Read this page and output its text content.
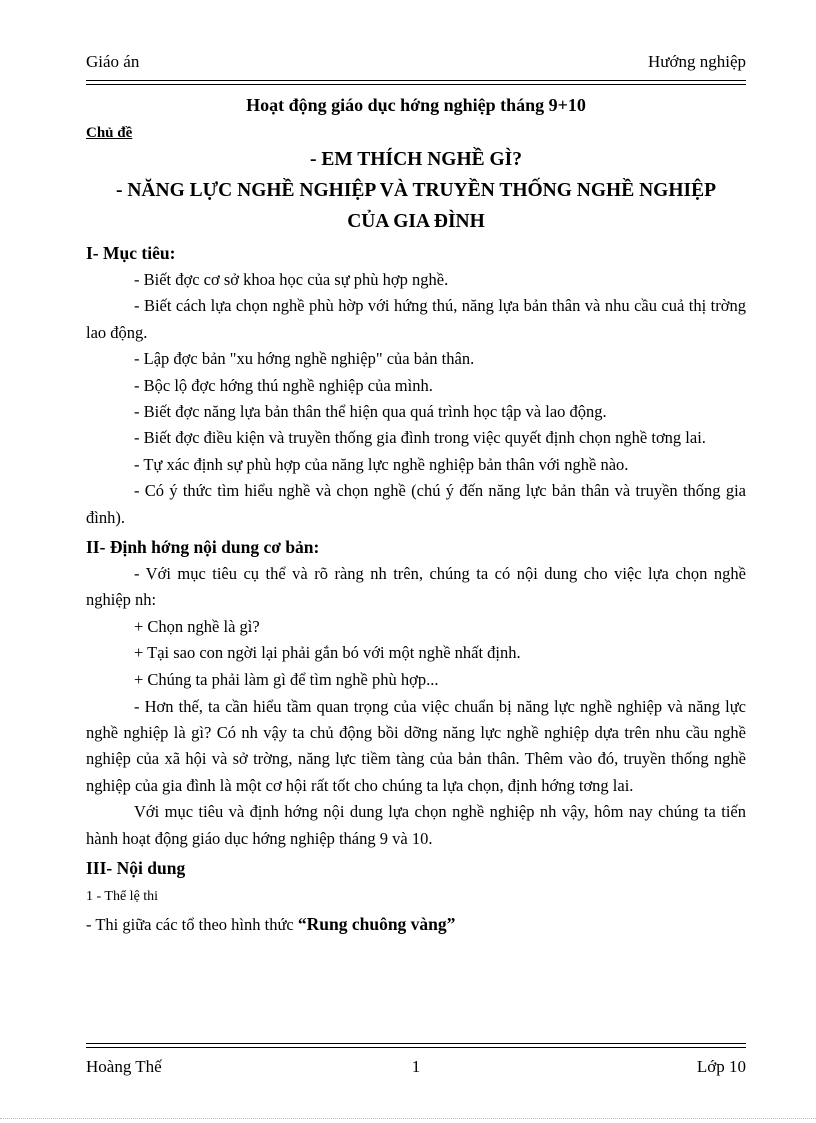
Giáo án	Hướng nghiệp
Hoạt động giáo dục hớng nghiệp tháng 9+10
Chủ đề
- EM THÍCH NGHỀ GÌ?
- NĂNG LỰC NGHỀ NGHIỆP VÀ TRUYỀN THỐNG NGHỀ NGHIỆP
CỦA GIA ĐÌNH
I- Mục tiêu:

- Biết đợc cơ sở khoa học của sự phù hợp nghề.

- Biết cách lựa chọn nghề phù hờp với hứng thú, năng lựa bản thân và nhu cầu cuả thị trờng lao động.

- Lập đợc bản "xu hớng nghề nghiệp" của bản thân.

- Bộc lộ đợc hớng thú nghề nghiệp của mình.

- Biết đợc năng lựa bản thân thể hiện qua quá trình học tập và lao động.

- Biết đợc điều kiện và truyền thống gia đình trong việc quyết định chọn nghề tơng lai.

- Tự xác định sự phù hợp của năng lực nghề nghiệp bản thân với nghề nào.

- Có ý thức tìm hiểu nghề và chọn nghề (chú ý đến năng lực bản thân và truyền thống gia đình).

II- Định hớng nội dung cơ bản:

- Với mục tiêu cụ thể và rõ ràng nh trên, chúng ta có nội dung cho việc lựa chọn nghề nghiệp nh:

+ Chọn nghề là gì?

+ Tại sao con ngời lại phải gắn bó với một nghề nhất định.

+ Chúng ta phải làm gì để tìm nghề phù hợp...

- Hơn thế, ta cần hiểu tầm quan trọng của việc chuẩn bị năng lực nghề nghiệp và năng lực nghề nghiệp là gì? Có nh vậy ta chủ động bồi dỡng năng lực nghề nghiệp dựa trên nhu cầu nghề nghiệp của xã hội và sở trờng, năng lực tiềm tàng của bản thân. Thêm vào đó, truyền thống nghề nghiệp của gia đình là một cơ hội rất tốt cho chúng ta lựa chọn, định hớng tơng lai.

Với mục tiêu và định hớng nội dung lựa chọn nghề nghiệp nh vậy, hôm nay chúng ta tiến hành hoạt động giáo dục hớng nghiệp tháng 9 và 10.

III- Nội dung
1 - Thể lệ thi
- Thi giữa các tổ theo hình thức “Rung chuông vàng”
Hoàng Thế	1	Lớp 10
